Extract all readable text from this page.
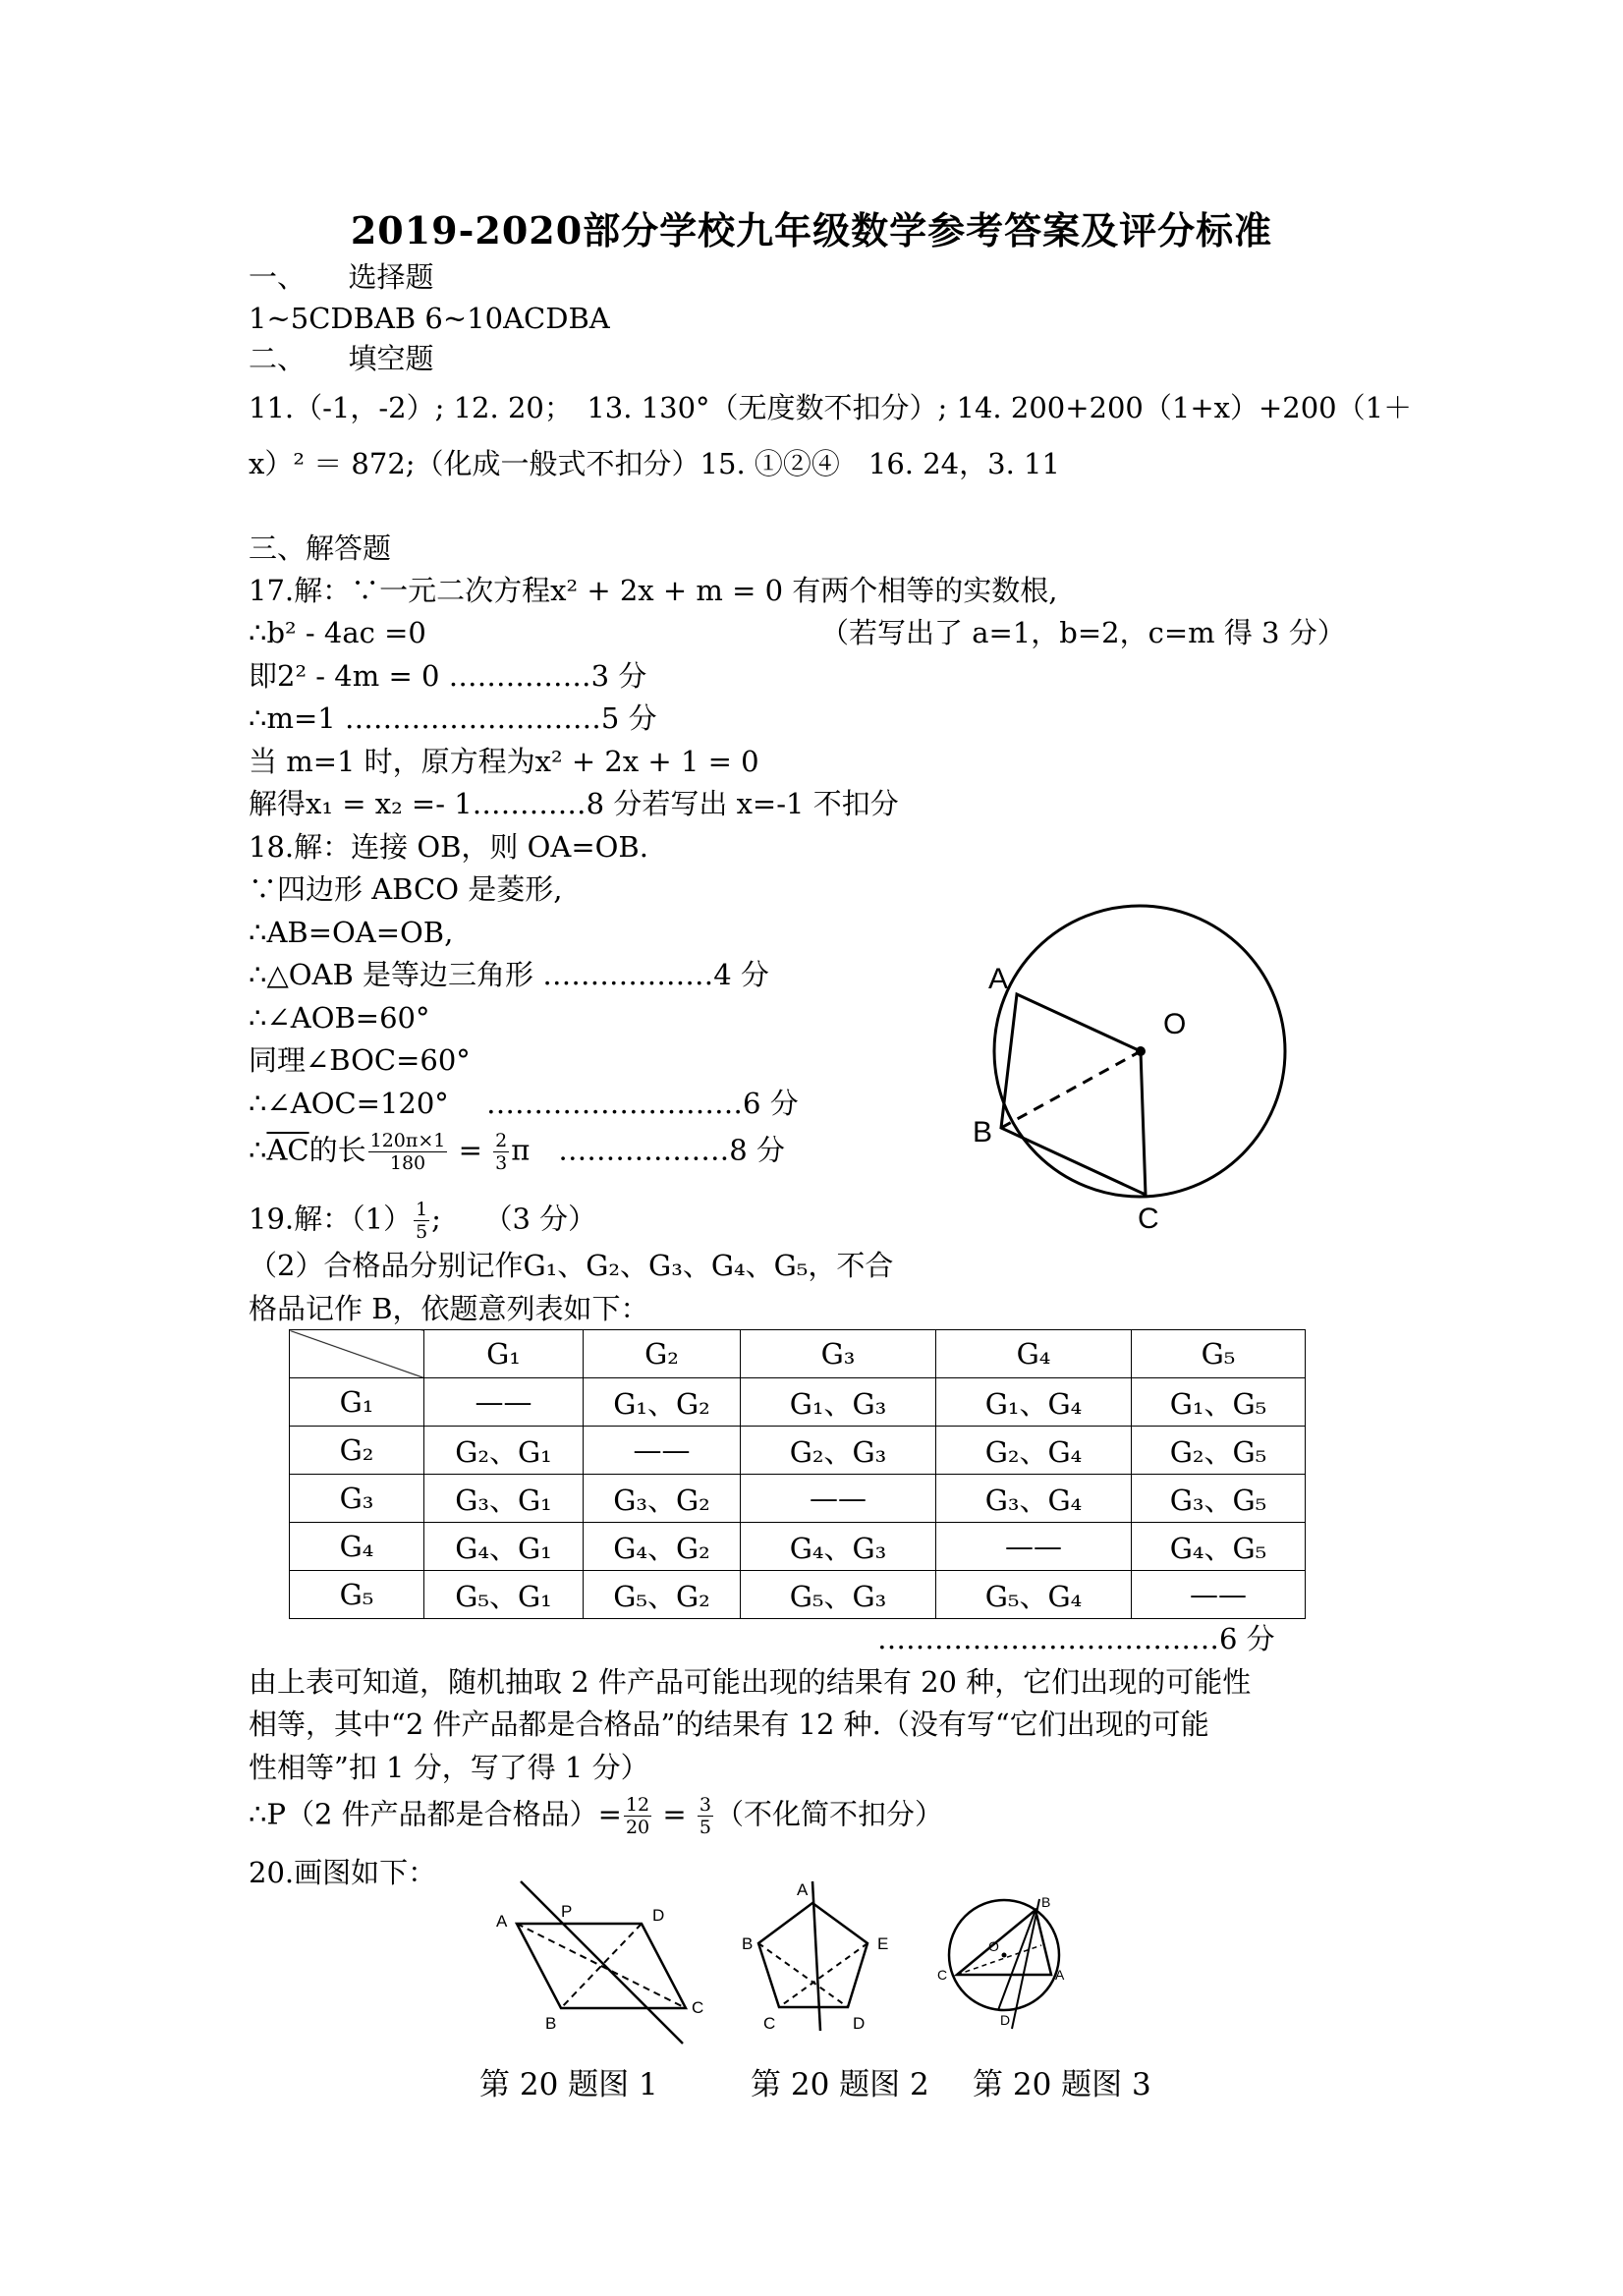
2019-2020部分学校九年级数学参考答案及评分标准
一、　　选择题
1~5CDBAB 6~10ACDBA
二、　　填空题
11.（-1，-2）; 12. 20；　13. 130°（无度数不扣分）; 14. 200+200（1+x）+200（1＋
x）² ＝ 872;（化成一般式不扣分）15. ①②④　16. 24，3. 11
三、解答题
17.解：∵一元二次方程x² + 2x + m = 0 有两个相等的实数根,
∴b² - 4ac =0	（若写出了 a=1，b=2，c=m 得 3 分）
即2² - 4m = 0 ……………3 分
∴m=1 ………………………5 分
当 m=1 时，原方程为x² + 2x + 1 = 0
解得x₁ = x₂ =- 1…………8 分若写出 x=-1 不扣分
18.解：连接 OB，则 OA=OB.
∵四边形 ABCO 是菱形,
∴AB=OA=OB,
∴△OAB 是等边三角形 ………………4 分
∴∠AOB=60°
同理∠BOC=60°
∴∠AOC=120°　 ………………………6 分
$\therefore\overline{AC}$的长 $\frac{120\pi\times 1}{180} = \frac{2}{3}$ π　………………8 分
A
O
B
C
19.解：$(1) \frac{1}{5}$ ;　　（3 分）
（2）合格品分别记作G₁、G₂、G₃、G₄、G₅，不合
格品记作 B，依题意列表如下：
	G₁	G₂	G₃	G₄	G₅
G₁	——	G₁、G₂	G₁、G₃	G₁、G₄	G₁、G₅
G₂	G₂、G₁	——	G₂、G₃	G₂、G₄	G₂、G₅
G₃	G₃、G₁	G₃、G₂	——	G₃、G₄	G₃、G₅
G₄	G₄、G₁	G₄、G₂	G₄、G₃	——	G₄、G₅
G₅	G₅、G₁	G₅、G₂	G₅、G₃	G₅、G₄	——
………………………………6 分
由上表可知道，随机抽取 2 件产品可能出现的结果有 20 种，它们出现的可能性
相等，其中“2 件产品都是合格品”的结果有 12 种.（没有写“它们出现的可能
性相等”扣 1 分，写了得 1 分）
∴P（2 件产品都是合格品）= $\frac{12}{20} = \frac{3}{5}$ （不化简不扣分）
20.画图如下：
A
P	D
B
C
A
B	E
C	D
O
B
C	A
D
第 20 题图 1	第 20 题图 2 第 20 题图 3
